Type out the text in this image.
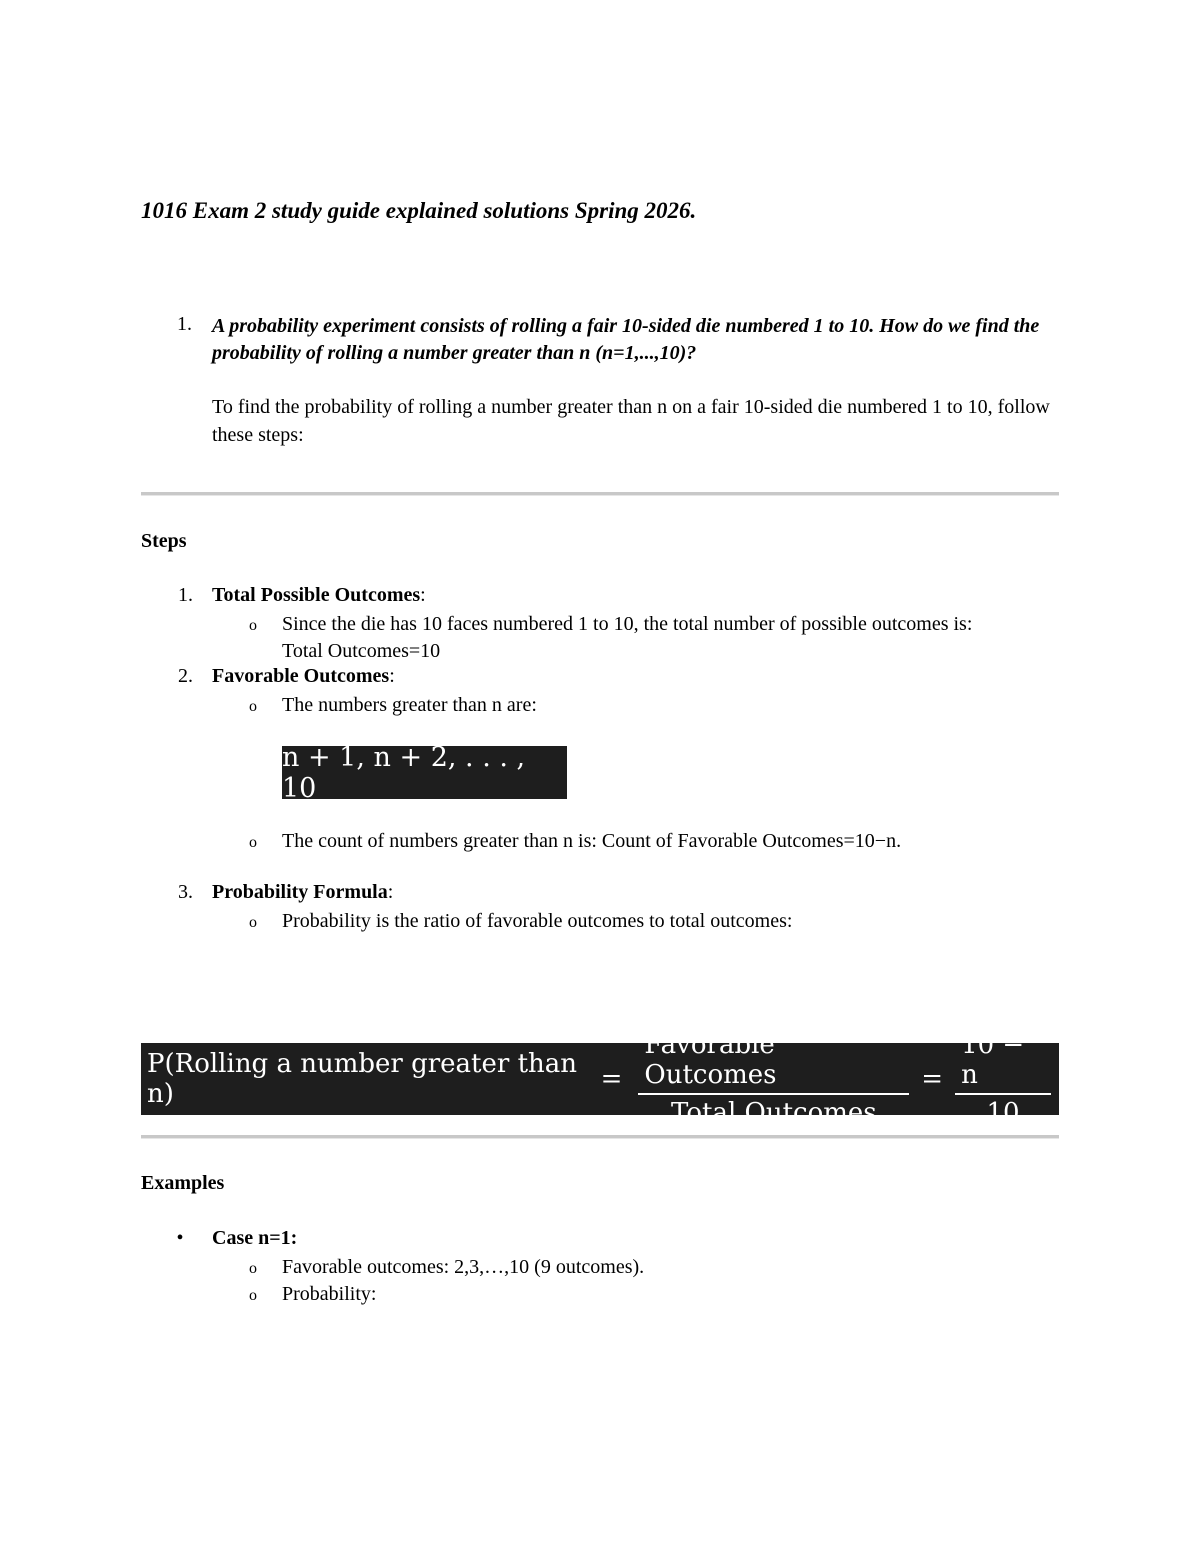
1016 Exam 2 study guide explained solutions Spring 2026.
1. A probability experiment consists of rolling a fair 10-sided die numbered 1 to 10. How do we find the probability of rolling a number greater than n (n=1,...,10)?
To find the probability of rolling a number greater than n on a fair 10-sided die numbered 1 to 10, follow these steps:
Steps
1. Total Possible Outcomes:
o Since the die has 10 faces numbered 1 to 10, the total number of possible outcomes is: Total Outcomes=10
2. Favorable Outcomes:
o The numbers greater than n are:
n + 1, n + 2, . . . , 10
o The count of numbers greater than n is: Count of Favorable Outcomes=10−n.
3. Probability Formula:
o Probability is the ratio of favorable outcomes to total outcomes:
P(Rolling a number greater than n)	= $\frac{\text{Favorable Outcomes}}{\text{Total Outcomes}} = \frac{10 - n}{10}$
Examples
• Case n=1:
o Favorable outcomes: 2,3,…,10 (9 outcomes).
o Probability:
